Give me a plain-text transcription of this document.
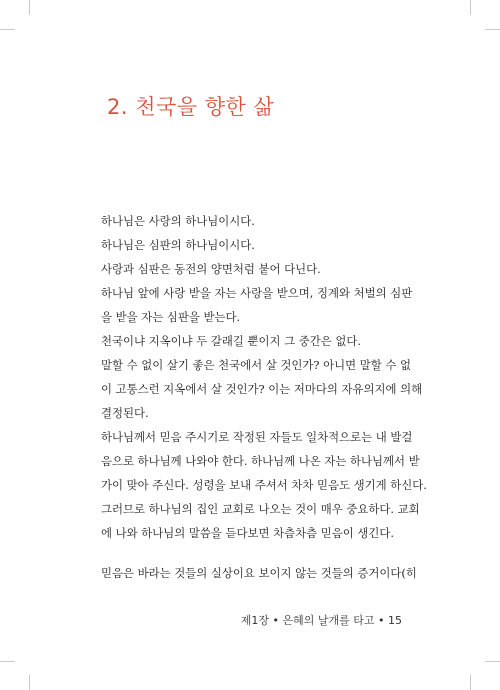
2. 천국을 향한 삶
하나님은 사랑의 하나님이시다.
하나님은 심판의 하나님이시다.
사랑과 심판은 동전의 양면처럼 붙어 다닌다.
하나님 앞에 사랑 받을 자는 사랑을 받으며, 징계와 처벌의 심판
을 받을 자는 심판을 받는다.
천국이냐 지옥이냐 두 갈래길 뿐이지 그 중간은 없다.
말할 수 없이 살기 좋은 천국에서 살 것인가? 아니면 말할 수 없
이 고통스런 지옥에서 살 것인가? 이는 저마다의 자유의지에 의해
결정된다.
하나님께서 믿음 주시기로 작정된 자들도 일차적으로는 내 발걸
음으로 하나님께 나와야 한다. 하나님께 나온 자는 하나님께서 받
가이 맞아 주신다. 성령을 보내 주셔서 차차 믿음도 생기게 하신다.
그러므로 하나님의 집인 교회로 나오는 것이 매우 중요하다. 교회
에 나와 하나님의 말씀을 듣다보면 차츰차츰 믿음이 생긴다.
믿음은 바라는 것들의 실상이요 보이지 않는 것들의 증거이다(히
제1장 • 은혜의 날개를 타고 • 15
